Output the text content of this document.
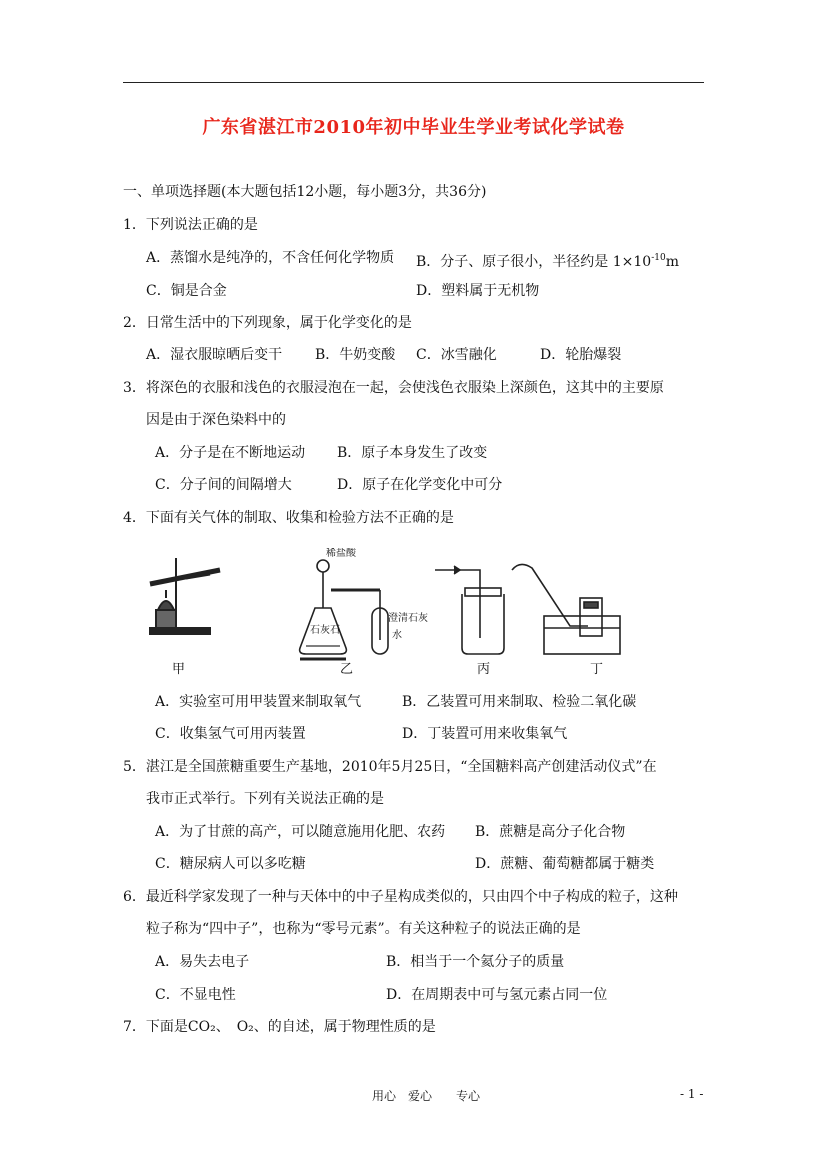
广东省湛江市2010年初中毕业生学业考试化学试卷
一、单项选择题(本大题包括12小题，每小题3分，共36分)
1．下列说法正确的是
A．蒸馏水是纯净的，不含任何化学物质 B．分子、原子很小，半径约是 $1\times 10^{-10}m$
C．铜是合金	D．塑料属于无机物
2．日常生活中的下列现象，属于化学变化的是
A．湿衣服晾晒后变干 B．牛奶变酸 C．冰雪融化	D．轮胎爆裂
3．将深色的衣服和浅色的衣服浸泡在一起，会使浅色衣服染上深颜色，这其中的主要原
因是由于深色染料中的
A．分子是在不断地运动 B．原子本身发生了改变
C．分子间的间隔增大	D．原子在化学变化中可分
4．下面有关气体的制取、收集和检验方法不正确的是
稀盐酸
石灰石
澄清石灰
水
甲	乙	丙	丁
A．实验室可用甲装置来制取氧气	B．乙装置可用来制取、检验二氧化碳
C．收集氢气可用丙装置	D．丁装置可用来收集氧气
5．湛江是全国蔗糖重要生产基地，2010年5月25日，“全国糖料高产创建活动仪式”在
我市正式举行。下列有关说法正确的是
A．为了甘蔗的高产，可以随意施用化肥、农药 B．蔗糖是高分子化合物
C．糖尿病人可以多吃糖	D．蔗糖、葡萄糖都属于糖类
6．最近科学家发现了一种与天体中的中子星构成类似的，只由四个中子构成的粒子，这种
粒子称为“四中子”，也称为“零号元素”。有关这种粒子的说法正确的是
A．易失去电子	B．相当于一个氦分子的质量
C．不显电性	D．在周期表中可与氢元素占同一位
7．下面是CO₂、　O₂、的自述，属于物理性质的是
用心　爱心　　专心	- 1 -
